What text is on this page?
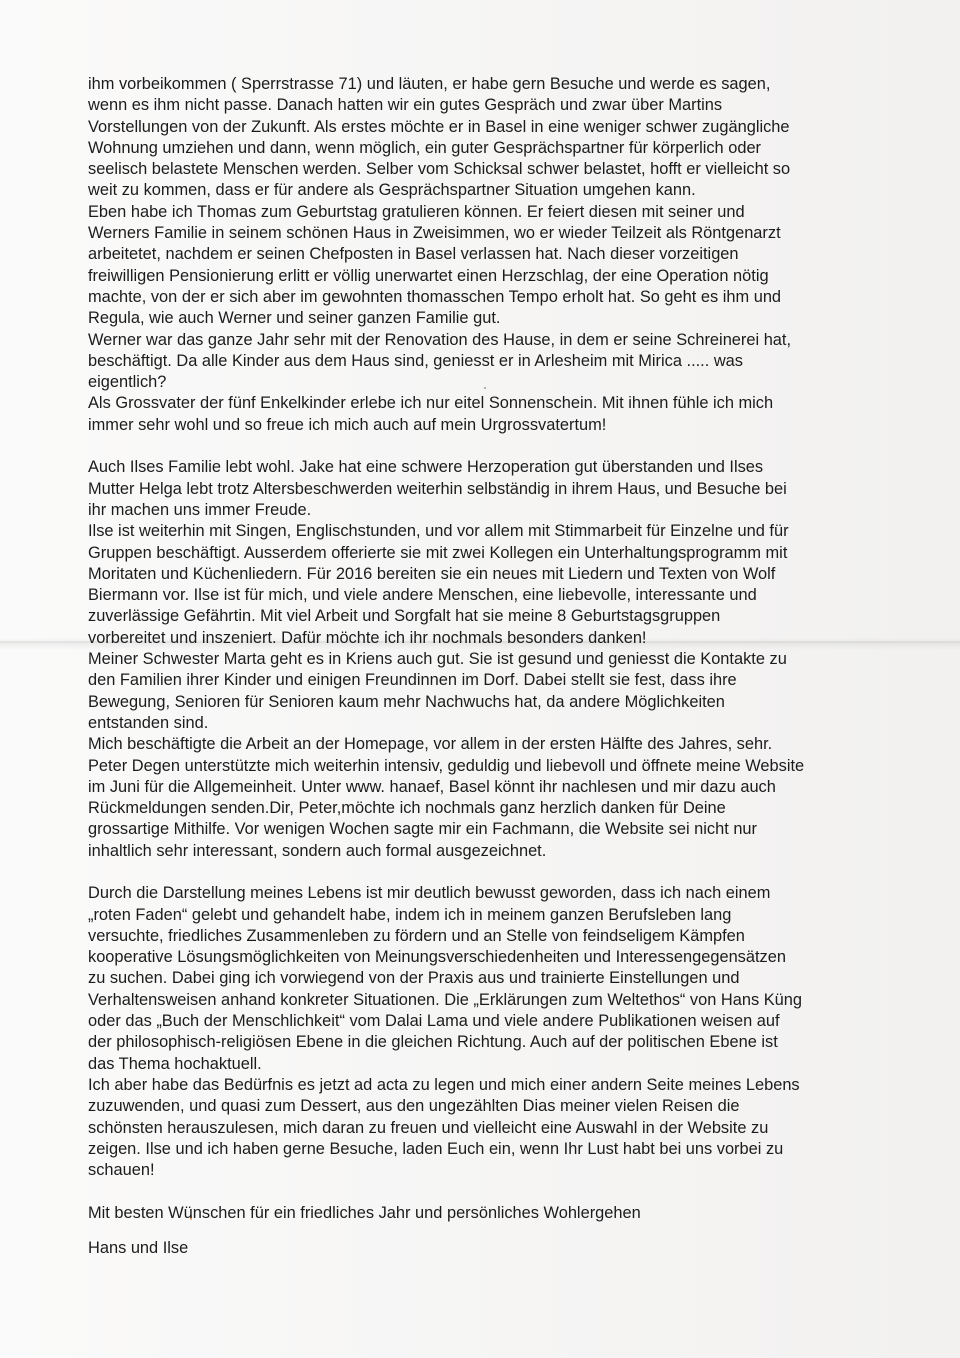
ihm vorbeikommen ( Sperrstrasse 71) und läuten, er habe gern Besuche und werde es sagen,
wenn es ihm nicht passe. Danach hatten wir ein gutes Gespräch und zwar über Martins
Vorstellungen von der Zukunft. Als erstes möchte er in Basel in eine weniger schwer zugängliche
Wohnung umziehen und dann, wenn möglich, ein guter Gesprächspartner für körperlich oder
seelisch belastete Menschen werden. Selber vom Schicksal schwer belastet, hofft er vielleicht so
weit zu kommen, dass er für andere als Gesprächspartner Situation umgehen kann.

Eben habe ich Thomas zum Geburtstag gratulieren können. Er feiert diesen mit seiner und
Werners Familie in seinem schönen Haus in Zweisimmen, wo er wieder Teilzeit als Röntgenarzt
arbeitetet, nachdem er seinen Chefposten in Basel verlassen hat. Nach dieser vorzeitigen
freiwilligen Pensionierung erlitt er völlig unerwartet einen Herzschlag, der eine Operation nötig
machte, von der er sich aber im gewohnten thomasschen Tempo erholt hat. So geht es ihm und
Regula, wie auch Werner und seiner ganzen Familie gut.

Werner war das ganze Jahr sehr mit der Renovation des Hause, in dem er seine Schreinerei hat,
beschäftigt. Da alle Kinder aus dem Haus sind, geniesst er in Arlesheim mit Mirica ..... was
eigentlich?

Als Grossvater der fünf Enkelkinder erlebe ich nur eitel Sonnenschein. Mit ihnen fühle ich mich
immer sehr wohl und so freue ich mich auch auf mein Urgrossvatertum!

Auch Ilses Familie lebt wohl. Jake hat eine schwere Herzoperation gut überstanden und Ilses
Mutter Helga lebt trotz Altersbeschwerden weiterhin selbständig in ihrem Haus, und Besuche bei
ihr machen uns immer Freude.

Ilse ist weiterhin mit Singen, Englischstunden, und vor allem mit Stimmarbeit für Einzelne und für
Gruppen beschäftigt. Ausserdem offerierte sie mit zwei Kollegen ein Unterhaltungsprogramm mit
Moritaten und Küchenliedern. Für 2016 bereiten sie ein neues mit Liedern und Texten von Wolf
Biermann vor. Ilse ist für mich, und viele andere Menschen, eine liebevolle, interessante und
zuverlässige Gefährtin. Mit viel Arbeit und Sorgfalt hat sie meine 8 Geburtstagsgruppen
vorbereitet und inszeniert. Dafür möchte ich ihr nochmals besonders danken!

Meiner Schwester Marta geht es in Kriens auch gut. Sie ist gesund und geniesst die Kontakte zu
den Familien ihrer Kinder und einigen Freundinnen im Dorf. Dabei stellt sie fest, dass ihre
Bewegung, Senioren für Senioren kaum mehr Nachwuchs hat, da andere Möglichkeiten
entstanden sind.

Mich beschäftigte die Arbeit an der Homepage, vor allem in der ersten Hälfte des Jahres, sehr.
Peter Degen unterstützte mich weiterhin intensiv, geduldig und liebevoll und öffnete meine Website
im Juni für die Allgemeinheit. Unter www. hanaef, Basel könnt ihr nachlesen und mir dazu auch
Rückmeldungen senden.Dir, Peter,möchte ich nochmals ganz herzlich danken für Deine
grossartige Mithilfe. Vor wenigen Wochen sagte mir ein Fachmann, die Website sei nicht nur
inhaltlich sehr interessant, sondern auch formal ausgezeichnet.

Durch die Darstellung meines Lebens ist mir deutlich bewusst geworden, dass ich nach einem
„roten Faden“ gelebt und gehandelt habe, indem ich in meinem ganzen Berufsleben lang
versuchte, friedliches Zusammenleben zu fördern und an Stelle von feindseligem Kämpfen
kooperative Lösungsmöglichkeiten von Meinungsverschiedenheiten und Interessengegensätzen
zu suchen. Dabei ging ich vorwiegend von der Praxis aus und trainierte Einstellungen und
Verhaltensweisen anhand konkreter Situationen. Die „Erklärungen zum Weltethos“ von Hans Küng
oder das „Buch der Menschlichkeit“ vom Dalai Lama und viele andere Publikationen weisen auf
der philosophisch-religiösen Ebene in die gleichen Richtung. Auch auf der politischen Ebene ist
das Thema hochaktuell.

Ich aber habe das Bedürfnis es jetzt ad acta zu legen und mich einer andern Seite meines Lebens
zuzuwenden, und quasi zum Dessert, aus den ungezählten Dias meiner vielen Reisen die
schönsten herauszulesen, mich daran zu freuen und vielleicht eine Auswahl in der Website zu
zeigen. Ilse und ich haben gerne Besuche, laden Euch ein, wenn Ihr Lust habt bei uns vorbei zu
schauen!

Mit besten Wünschen für ein friedliches Jahr und persönliches Wohlergehen

Hans und Ilse
